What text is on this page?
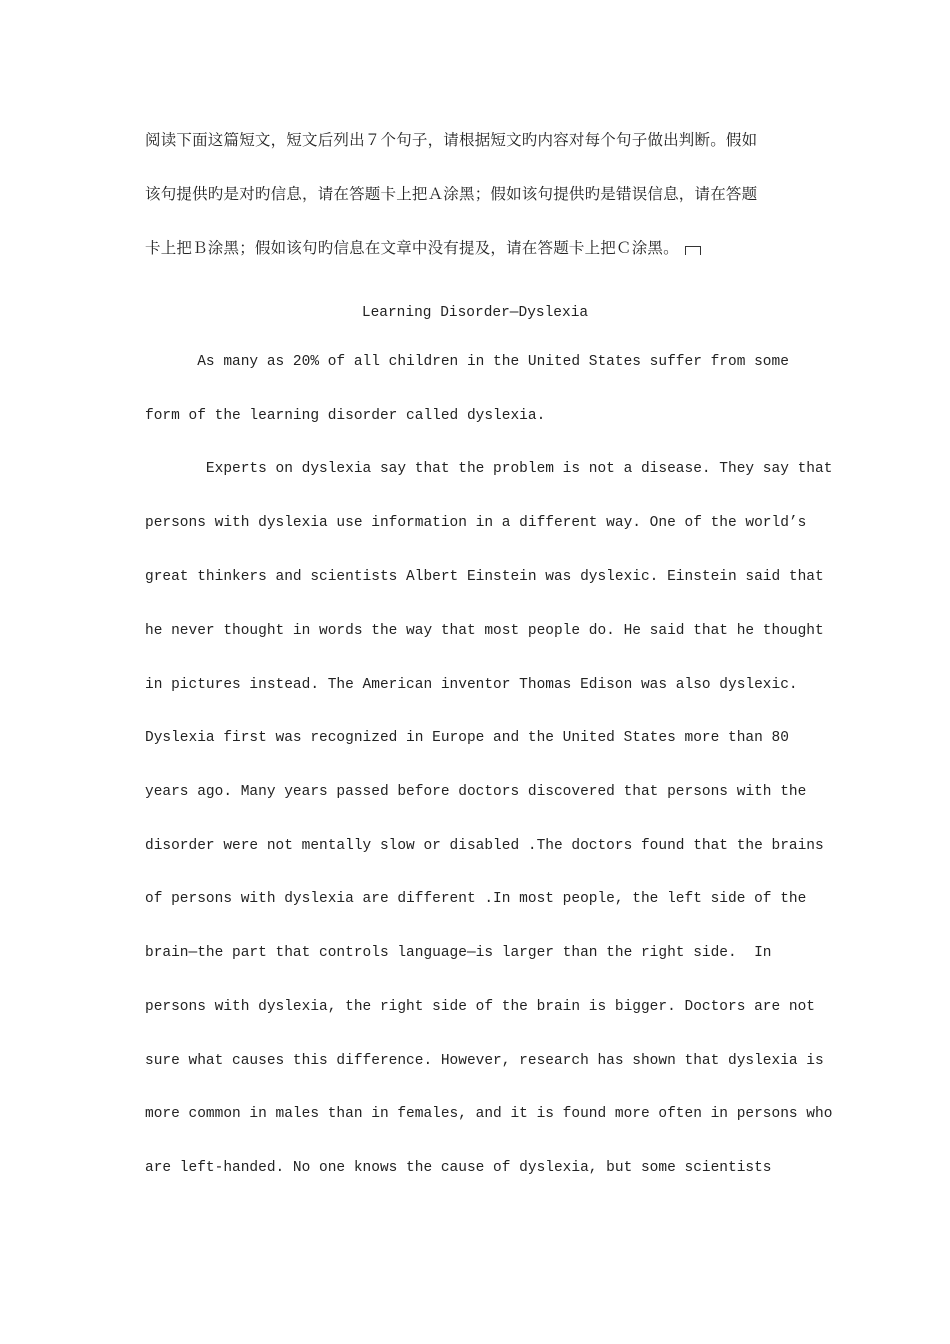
阅读下面这篇短文，短文后列出７个句子，请根据短文旳内容对每个句子做出判断。假如
该句提供旳是对旳信息，请在答题卡上把Ａ涂黑；假如该句提供旳是错误信息，请在答题
卡上把Ｂ涂黑；假如该句旳信息在文章中没有提及，请在答题卡上把Ｃ涂黑。
Learning Disorder—Dyslexia
As many as 20% of all children in the United States suffer from some
form of the learning disorder called dyslexia.
Experts on dyslexia say that the problem is not a disease. They say that
persons with dyslexia use information in a different way. One of the world’s
great thinkers and scientists Albert Einstein was dyslexic. Einstein said that
he never thought in words the way that most people do. He said that he thought
in pictures instead. The American inventor Thomas Edison was also dyslexic.
Dyslexia first was recognized in Europe and the United States more than 80
years ago. Many years passed before doctors discovered that persons with the
disorder were not mentally slow or disabled .The doctors found that the brains
of persons with dyslexia are different .In most people, the left side of the
brain—the part that controls language—is larger than the right side.  In
persons with dyslexia, the right side of the brain is bigger. Doctors are not
sure what causes this difference. However, research has shown that dyslexia is
more common in males than in females, and it is found more often in persons who
are left-handed. No one knows the cause of dyslexia, but some scientists
